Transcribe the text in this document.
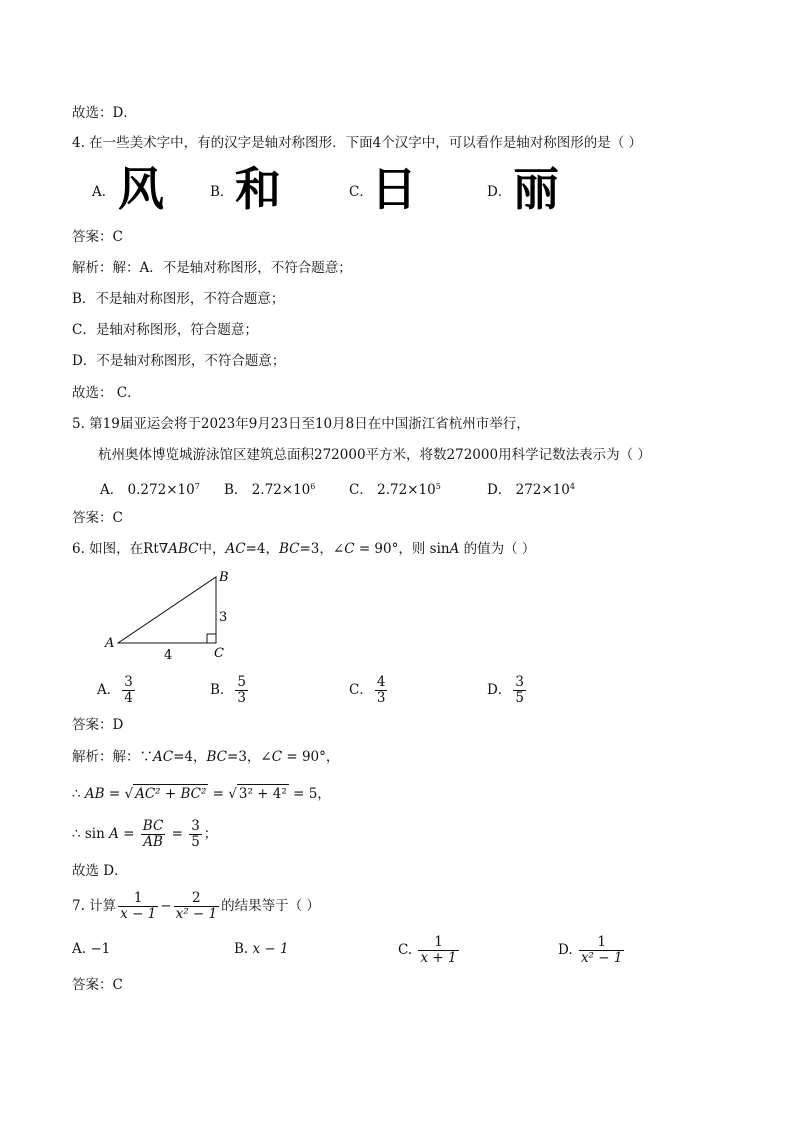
故选：D．
4. 在一些美术字中，有的汉字是轴对称图形．下面4个汉字中，可以看作是轴对称图形的是（ ）
A． 风	B． 和	C．
日	D． 丽
答案：C
解析：解：A．不是轴对称图形，不符合题意；
B．不是轴对称图形，不符合题意；
C．是轴对称图形，符合题意；
D．不是轴对称图形，不符合题意；
故选： C．
5. 第19届亚运会将于2023年9月23日至10月8日在中国浙江省杭州市举行，
杭州奥体博览城游泳馆区建筑总面积272000平方米，将数272000用科学记数法表示为（ ）
A． $0.272\times 10^7$ B． $2.72\times 10^6$ C． $2.72\times 10^5$	D． $272\times 10^4$
答案：C
6. 如图，在Rt∇ABC中，AC=4，BC=3，∠C = 90°，则 sinA 的值为（ ）
A
B
C
3
4
A． $\frac{3}{4}$	B． $\frac{5}{3}$	C． $\frac{4}{3}$	D． $\frac{3}{5}$
答案：D
解析：解：∵AC=4，BC=3，∠C = 90°，
∴ AB = √ AC² + BC² = √ 3² + 4² = 5，
∴ $\sin A = \frac{BC}{AB} = \frac{3}{5}$ ；
故选 D．
7. 计算 $\frac{1}{x - 1} - \frac{2}{\text{x² − 1}}$ 的结果等于（ ）
A. −1	B. x − 1	C. $\frac{1}{x + 1}$	D. $\frac{1}{\text{x² − 1}}$
答案：C
